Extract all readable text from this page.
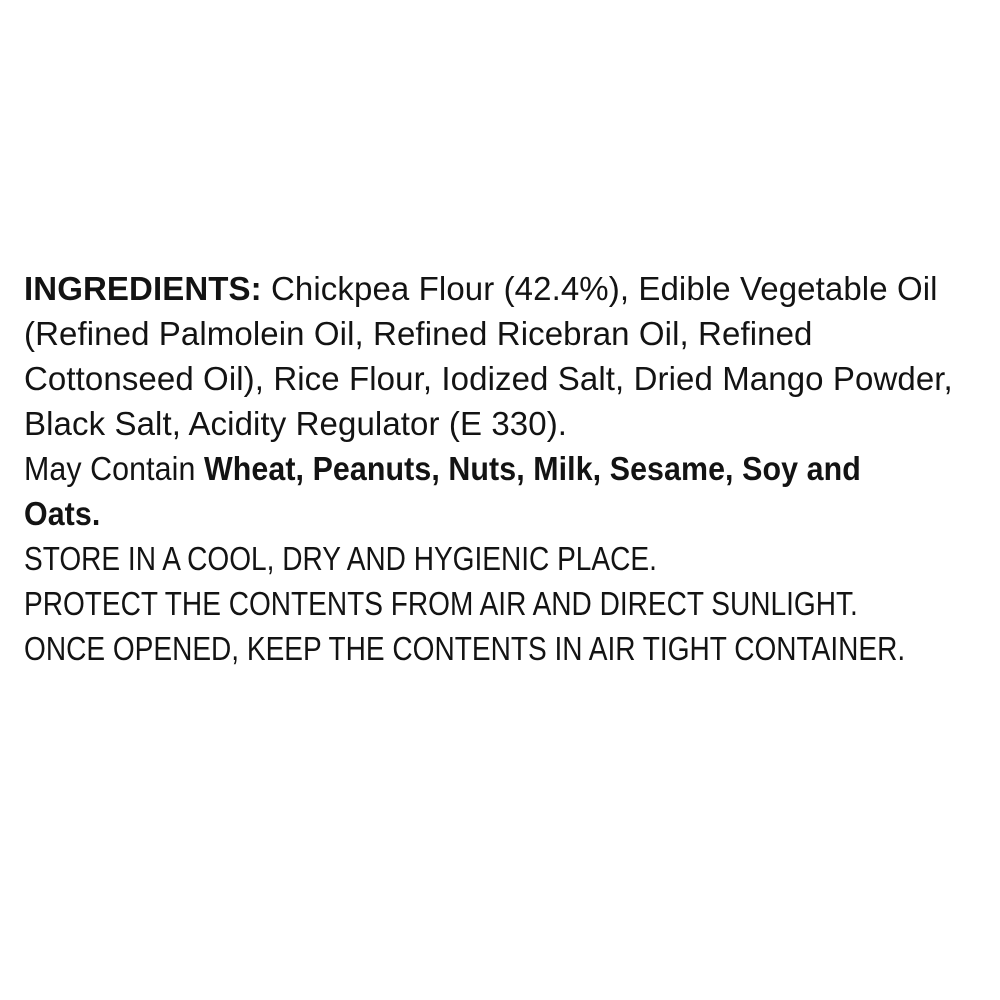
INGREDIENTS: Chickpea Flour (42.4%), Edible Vegetable Oil
(Refined Palmolein Oil, Refined Ricebran Oil, Refined
Cottonseed Oil), Rice Flour, Iodized Salt, Dried Mango Powder,
Black Salt, Acidity Regulator (E 330).
May Contain Wheat, Peanuts, Nuts, Milk, Sesame, Soy and
Oats.
STORE IN A COOL, DRY AND HYGIENIC PLACE.
PROTECT THE CONTENTS FROM AIR AND DIRECT SUNLIGHT.
ONCE OPENED, KEEP THE CONTENTS IN AIR TIGHT CONTAINER.
